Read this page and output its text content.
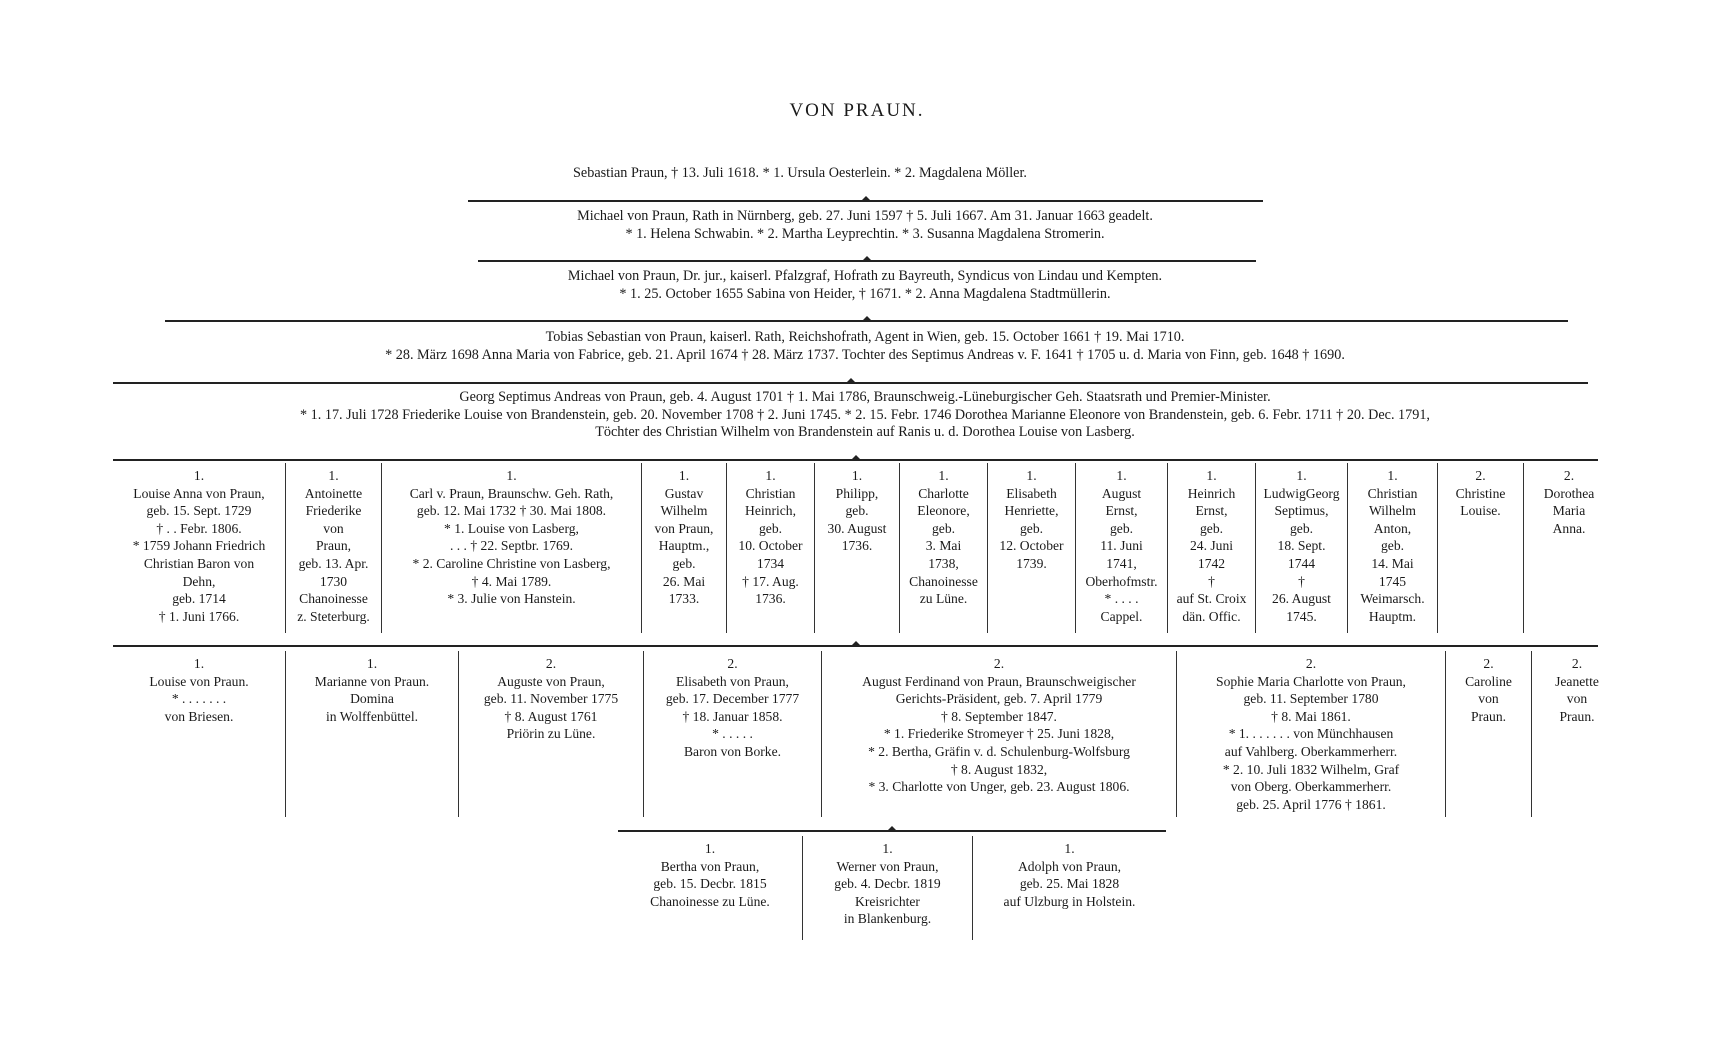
VON PRAUN.
Sebastian Praun, † 13. Juli 1618. * 1. Ursula Oesterlein. * 2. Magdalena Möller.
Michael von Praun, Rath in Nürnberg, geb. 27. Juni 1597 † 5. Juli 1667. Am 31. Januar 1663 geadelt.
* 1. Helena Schwabin. * 2. Martha Leyprechtin. * 3. Susanna Magdalena Stromerin.
Michael von Praun, Dr. jur., kaiserl. Pfalzgraf, Hofrath zu Bayreuth, Syndicus von Lindau und Kempten.
* 1. 25. October 1655 Sabina von Heider, † 1671. * 2. Anna Magdalena Stadtmüllerin.
Tobias Sebastian von Praun, kaiserl. Rath, Reichshofrath, Agent in Wien, geb. 15. October 1661 † 19. Mai 1710.
* 28. März 1698 Anna Maria von Fabrice, geb. 21. April 1674 † 28. März 1737. Tochter des Septimus Andreas v. F. 1641 † 1705 u. d. Maria von Finn, geb. 1648 † 1690.
Georg Septimus Andreas von Praun, geb. 4. August 1701 † 1. Mai 1786, Braunschweig.-Lüneburgischer Geh. Staatsrath und Premier-Minister.
* 1. 17. Juli 1728 Friederike Louise von Brandenstein, geb. 20. November 1708 † 2. Juni 1745. * 2. 15. Febr. 1746 Dorothea Marianne Eleonore von Brandenstein, geb. 6. Febr. 1711 † 20. Dec. 1791,
Töchter des Christian Wilhelm von Brandenstein auf Ranis u. d. Dorothea Louise von Lasberg.
1.
Louise Anna von Praun,
geb. 15. Sept. 1729
† . . Febr. 1806.
* 1759 Johann Friedrich
Christian Baron von
Dehn,
geb. 1714
† 1. Juni 1766.
1.
Antoinette
Friederike
von
Praun,
geb. 13. Apr.
1730
Chanoinesse
z. Steterburg.
1.
Carl v. Praun, Braunschw. Geh. Rath,
geb. 12. Mai 1732 † 30. Mai 1808.
* 1. Louise von Lasberg,
. . . † 22. Septbr. 1769.
* 2. Caroline Christine von Lasberg,
† 4. Mai 1789.
* 3. Julie von Hanstein.
1.
Gustav
Wilhelm
von Praun,
Hauptm.,
geb.
26. Mai
1733.
1.
Christian
Heinrich,
geb.
10. October
1734
† 17. Aug.
1736.
1.
Philipp,
geb.
30. August
1736.
1.
Charlotte
Eleonore,
geb.
3. Mai
1738,
Chanoinesse
zu Lüne.
1.
Elisabeth
Henriette,
geb.
12. October
1739.
1.
August
Ernst,
geb.
11. Juni
1741,
Oberhofmstr.
* . . . .
Cappel.
1.
Heinrich
Ernst,
geb.
24. Juni
1742
†
auf St. Croix
dän. Offic.
1.
LudwigGeorg
Septimus,
geb.
18. Sept.
1744
†
26. August
1745.
1.
Christian
Wilhelm
Anton,
geb.
14. Mai
1745
Weimarsch.
Hauptm.
2.
Christine
Louise.
2.
Dorothea
Maria
Anna.
1.
Louise von Praun.
* . . . . . . .
von Briesen.
1.
Marianne von Praun.
Domina
in Wolffenbüttel.
2.
Auguste von Praun,
geb. 11. November 1775
† 8. August 1761
Priörin zu Lüne.
2.
Elisabeth von Praun,
geb. 17. December 1777
† 18. Januar 1858.
* . . . . .
Baron von Borke.
2.
August Ferdinand von Praun, Braunschweigischer
Gerichts-Präsident, geb. 7. April 1779
† 8. September 1847.
* 1. Friederike Stromeyer † 25. Juni 1828,
* 2. Bertha, Gräfin v. d. Schulenburg-Wolfsburg
† 8. August 1832,
* 3. Charlotte von Unger, geb. 23. August 1806.
2.
Sophie Maria Charlotte von Praun,
geb. 11. September 1780
† 8. Mai 1861.
* 1. . . . . . . von Münchhausen
auf Vahlberg. Oberkammerherr.
* 2. 10. Juli 1832 Wilhelm, Graf
von Oberg. Oberkammerherr.
geb. 25. April 1776 † 1861.
2.
Caroline
von
Praun.
2.
Jeanette
von
Praun.
1.
Bertha von Praun,
geb. 15. Decbr. 1815
Chanoinesse zu Lüne.
1.
Werner von Praun,
geb. 4. Decbr. 1819
Kreisrichter
in Blankenburg.
1.
Adolph von Praun,
geb. 25. Mai 1828
auf Ulzburg in Holstein.
